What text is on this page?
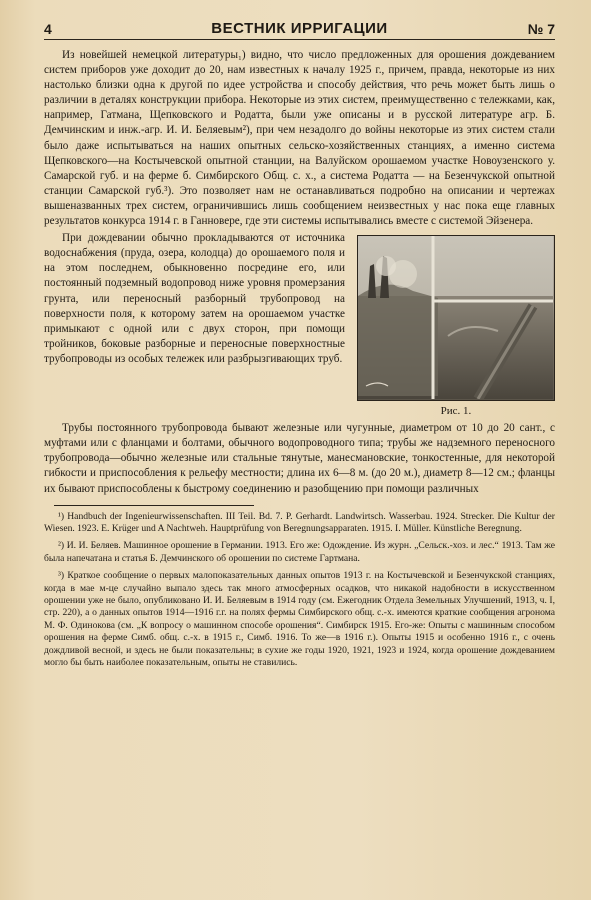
4	ВЕСТНИК ИРРИГАЦИИ	№ 7

Из новейшей немецкой литературы₁) видно, что число предложенных для орошения дождеванием систем приборов уже доходит до 20, нам известных к началу 1925 г., причем, правда, некоторые из них настолько близки одна к другой по идее устройства и способу действия, что речь может быть лишь о различии в деталях конструкции прибора. Некоторые из этих систем, преимущественно с тележками, как, например, Гатмана, Щепковского и Родатта, были уже описаны и в русской литературе агр. Б. Демчинским и инж.-агр. И. И. Беляевым²), при чем незадолго до войны некоторые из этих систем стали было даже испытываться на наших опытных сельско-хозяйственных станциях, а именно система Щепковского—на Костычевской опытной станции, на Валуйском орошаемом участке Новоузенского у. Самарской губ. и на ферме б. Симбирского Общ. с. х., а система Родатта — на Безенчукской опытной станции Самарской губ.³). Это позволяет нам не останавливаться подробно на описании и чертежах вышеназванных трех систем, ограничившись лишь сообщением неизвестных у нас пока еще главных результатов конкурса 1914 г. в Ганновере, где эти системы испытывались вместе с системой Эйзенера.

При дождевании обычно прокладываются от источника водоснабжения (пруда, озера, колодца) до орошаемого поля и на этом последнем, обыкновенно посредине его, или постоянный подземный водопровод ниже уровня промерзания грунта, или переносный разборный трубопровод на поверхности поля, к которому затем на орошаемом участке примыкают с одной или с двух сторон, при помощи тройников, боковые разборные и переносные поверхностные трубопроводы из особых тележек или разбрызгивающих труб.

Рис. 1.

Трубы постоянного трубопровода бывают железные или чугунные, диаметром от 10 до 20 сант., с муфтами или с фланцами и болтами, обычного водопроводного типа; трубы же надземного переносного трубопровода—обычно железные или стальные тянутые, манесмановские, тонкостенные, для некоторой гибкости и приспособления к рельефу местности; длина их 6—8 м. (до 20 м.), диаметр 8—12 см.; фланцы их бывают приспособлены к быстрому соединению и разобщению при помощи различных

¹) Handbuch der Ingenieurwissenschaften. III Teil. Bd. 7. P. Gerhardt. Landwirtsch. Wasserbau. 1924. Strecker. Die Kultur der Wiesen. 1923. E. Krüger und A Nachtweh. Hauptprüfung von Beregnungsapparaten. 1915. I. Müller. Künstliche Beregnung.

²) И. И. Беляев. Машинное орошение в Германии. 1913. Его же: Одождение. Из журн. „Сельск.-хоз. и лес.“ 1913. Там же была напечатана и статья Б. Демчинского об орошении по системе Гартмана.

³) Краткое сообщение о первых малопоказательных данных опытов 1913 г. на Костычевской и Безенчукской станциях, когда в мае м-це случайно выпало здесь так много атмосферных осадков, что никакой надобности в искусственном орошении уже не было, опубликовано И. И. Беляевым в 1914 году (см. Ежегодник Отдела Земельных Улучшений, 1913, ч. I, стр. 220), а о данных опытов 1914—1916 г.г. на полях фермы Симбирского общ. с.-х. имеются краткие сообщения агронома М. Ф. Одинокова (см. „К вопросу о машинном способе орошения“. Симбирск 1915. Его-же: Опыты с машинным способом орошения на ферме Симб. общ. с.-х. в 1915 г., Симб. 1916. То же—в 1916 г.). Опыты 1915 и особенно 1916 г., с очень дождливой весной, и здесь не были показательны; в сухие же годы 1920, 1921, 1923 и 1924, когда орошение дождеванием могло бы быть наиболее показательным, опыты не ставились.
